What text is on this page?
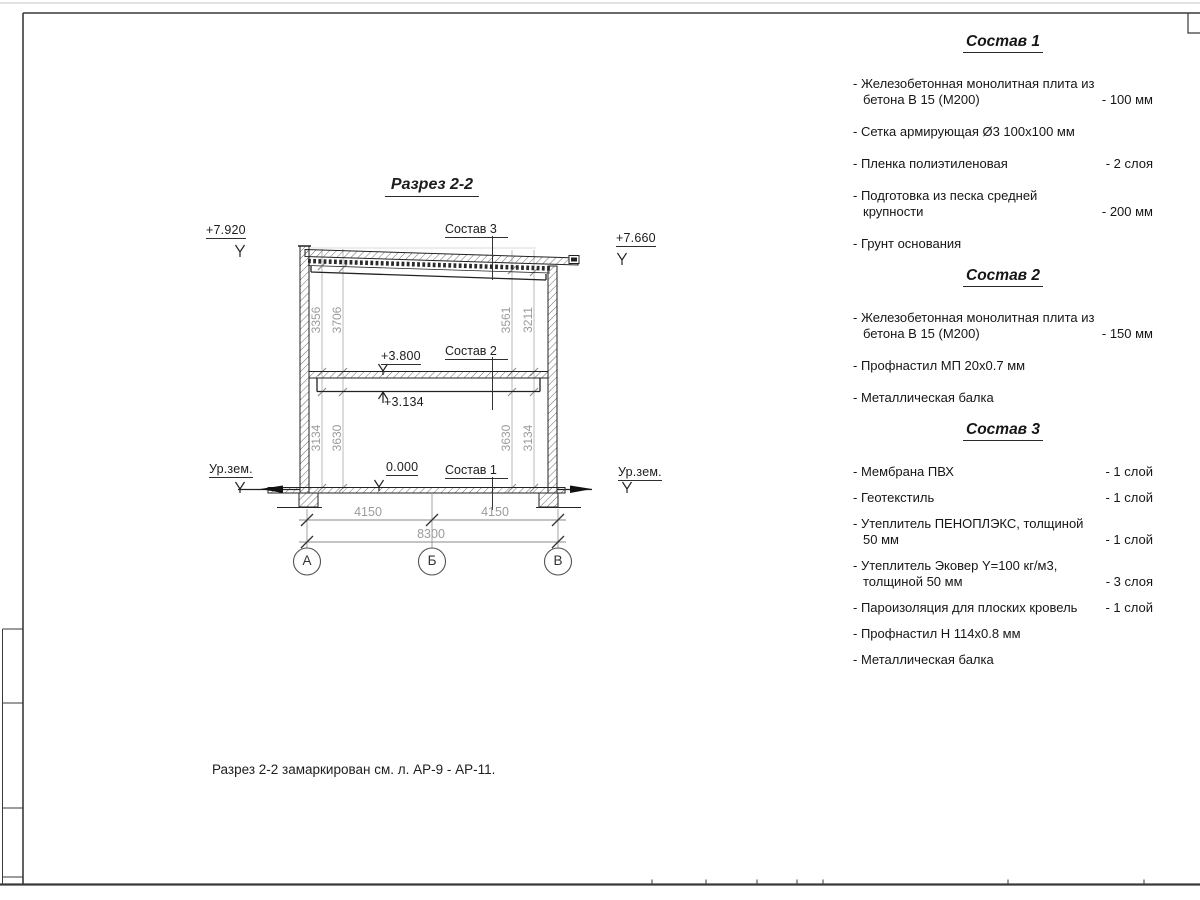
Разрез 2-2
+7.920
+7.660
+3.800
+3.134
0.000
Ур.зем.	Ур.зем.
Состав 3
Состав 2
Состав 1
3356 3706	3561 3211
3134 3630	3630 3134
4150	4150
8300
А	Б	В
Разрез 2-2 замаркирован см. л. АР-9 - АР-11.
Состав 1
- Железобетонная монолитная плита из бетона В 15 (М200)	- 100 мм
- Сетка армирующая Ø3 100х100 мм
- Пленка полиэтиленовая	- 2 слоя
- Подготовка из песка средней крупности	- 200 мм
- Грунт основания
Состав 2
- Железобетонная монолитная плита из бетона В 15 (М200)	- 150 мм
- Профнастил МП 20х0.7 мм
- Металлическая балка
Состав 3
- Мембрана ПВХ	- 1 слой
- Геотекстиль	- 1 слой
- Утеплитель ПЕНОПЛЭКС, толщиной 50 мм	- 1 слой
- Утеплитель Эковер Y=100 кг/м3, толщиной 50 мм	- 3 слоя
- Пароизоляция для плоских кровель	- 1 слой
- Профнастил Н 114х0.8 мм
- Металлическая балка
